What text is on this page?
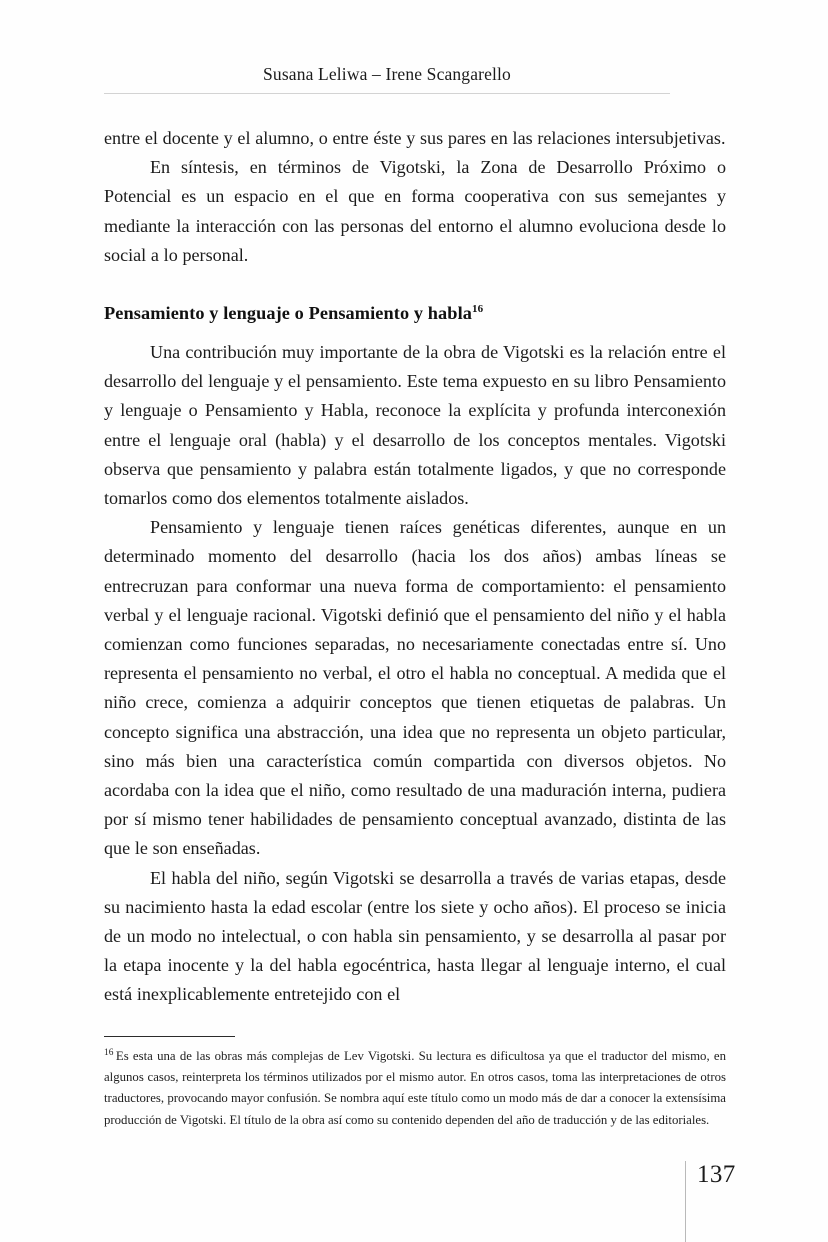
Susana Leliwa – Irene Scangarello

entre el docente y el alumno, o entre éste y sus pares en las relaciones intersubjetivas.

En síntesis, en términos de Vigotski, la Zona de Desarrollo Próximo o Potencial es un espacio en el que en forma cooperativa con sus semejantes y mediante la interacción con las personas del entorno el alumno evoluciona desde lo social a lo personal.

Pensamiento y lenguaje o Pensamiento y habla$^{16}$

Una contribución muy importante de la obra de Vigotski es la relación entre el desarrollo del lenguaje y el pensamiento. Este tema expuesto en su libro Pensamiento y lenguaje o Pensamiento y Habla, reconoce la explícita y profunda interconexión entre el lenguaje oral (habla) y el desarrollo de los conceptos mentales. Vigotski observa que pensamiento y palabra están totalmente ligados, y que no corresponde tomarlos como dos elementos totalmente aislados.

Pensamiento y lenguaje tienen raíces genéticas diferentes, aunque en un determinado momento del desarrollo (hacia los dos años) ambas líneas se entrecruzan para conformar una nueva forma de comportamiento: el pensamiento verbal y el lenguaje racional. Vigotski definió que el pensamiento del niño y el habla comienzan como funciones separadas, no necesariamente conectadas entre sí. Uno representa el pensamiento no verbal, el otro el habla no conceptual. A medida que el niño crece, comienza a adquirir conceptos que tienen etiquetas de palabras. Un concepto significa una abstracción, una idea que no representa un objeto particular, sino más bien una característica común compartida con diversos objetos. No acordaba con la idea que el niño, como resultado de una maduración interna, pudiera por sí mismo tener habilidades de pensamiento conceptual avanzado, distinta de las que le son enseñadas.

El habla del niño, según Vigotski se desarrolla a través de varias etapas, desde su nacimiento hasta la edad escolar (entre los siete y ocho años). El proceso se inicia de un modo no intelectual, o con habla sin pensamiento, y se desarrolla al pasar por la etapa inocente y la del habla egocéntrica, hasta llegar al lenguaje interno, el cual está inexplicablemente entretejido con el

$^{16}$ Es esta una de las obras más complejas de Lev Vigotski. Su lectura es dificultosa ya que el traductor del mismo, en algunos casos, reinterpreta los términos utilizados por el mismo autor. En otros casos, toma las interpretaciones de otros traductores, provocando mayor confusión. Se nombra aquí este título como un modo más de dar a conocer la extensísima producción de Vigotski. El título de la obra así como su contenido dependen del año de traducción y de las editoriales.
137
